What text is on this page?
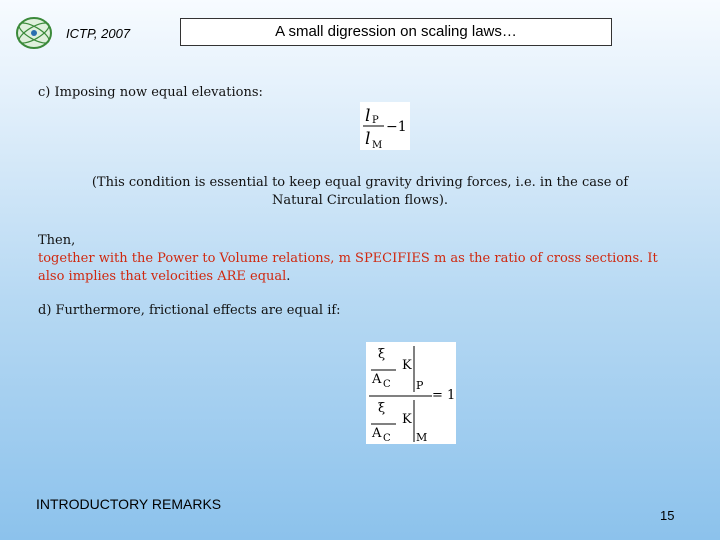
ICTP, 2007	A small digression on scaling laws…
c) Imposing now equal elevations:
l P
l M
−1
(This condition is essential to keep equal gravity driving forces, i.e. in the case of
Natural Circulation flows).
Then,
together with the Power to Volume relations, m SPECIFIES m as the ratio of cross sections. It
also implies that velocities ARE equal.
d) Furthermore, frictional effects are equal if:
ξ
K
A C P
= 1
ξ
K
A C M
INTRODUCTORY REMARKS
15
